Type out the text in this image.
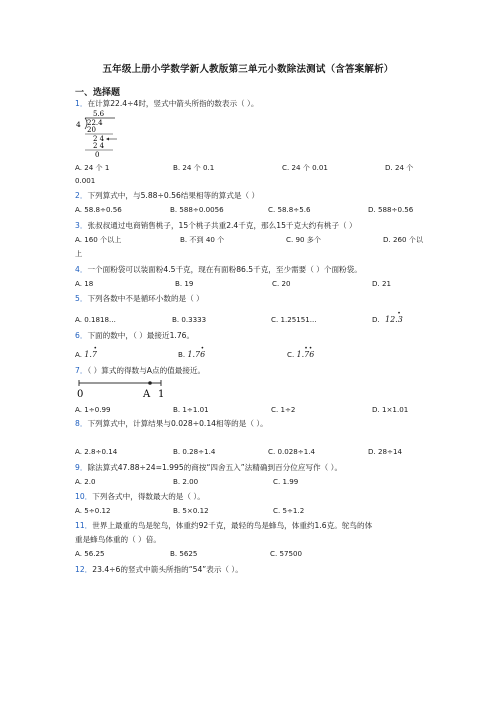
五年级上册小学数学新人教版第三单元小数除法测试（含答案解析）
一、选择题
1．在计算22.4÷4时，竖式中箭头所指的数表示（ ）。
5.6
4 22.4
20
2 4
2 4
0
A. 24 个 1	B. 24 个 0.1	C. 24 个 0.01	D. 24 个
0.001
2．下列算式中，与5.88÷0.56结果相等的算式是（ ）
A. 58.8÷0.56	B. 588÷0.0056	C. 58.8÷5.6	D. 588÷0.56
3．张叔叔通过电商销售桃子，15个桃子共重2.4千克，那么15千克大约有桃子（ ）
A. 160 个以上	B. 不到 40 个	C. 90 多个	D. 260 个以
上
4．一个面粉袋可以装面粉4.5千克，现在有面粉86.5千克，至少需要（ ）个面粉袋。
A. 18	B. 19	C. 20	D. 21
5．下列各数中不是循环小数的是（ ）
A. 0.1818...	B. 0.3333	C. 1.25151...	D. 12.3
•
6．下面的数中，（ ）最接近1.76。
A. 1.7
•
B. 1.76
•
C. 1.76
••
7．（ ）算式的得数与A点的值最接近。
0	A 1
A. 1÷0.99	B. 1÷1.01	C. 1÷2	D. 1×1.01
8．下列算式中，计算结果与0.028÷0.14相等的是（ ）。
A. 2.8÷0.14	B. 0.28÷1.4	C. 0.028÷1.4	D. 28÷14
9．除法算式47.88÷24=1.995的商按“四舍五入”法精确到百分位应写作（ ）。
A. 2.0	B. 2.00	C. 1.99
10．下列各式中，得数最大的是（ ）。
A. 5÷0.12	B. 5×0.12	C. 5÷1.2
11．世界上最重的鸟是鸵鸟，体重约92千克，最轻的鸟是蜂鸟，体重约1.6克。鸵鸟的体
重是蜂鸟体重的（ ）倍。
A. 56.25	B. 5625	C. 57500
12．23.4÷6的竖式中箭头所指的“54”表示（ ）。
